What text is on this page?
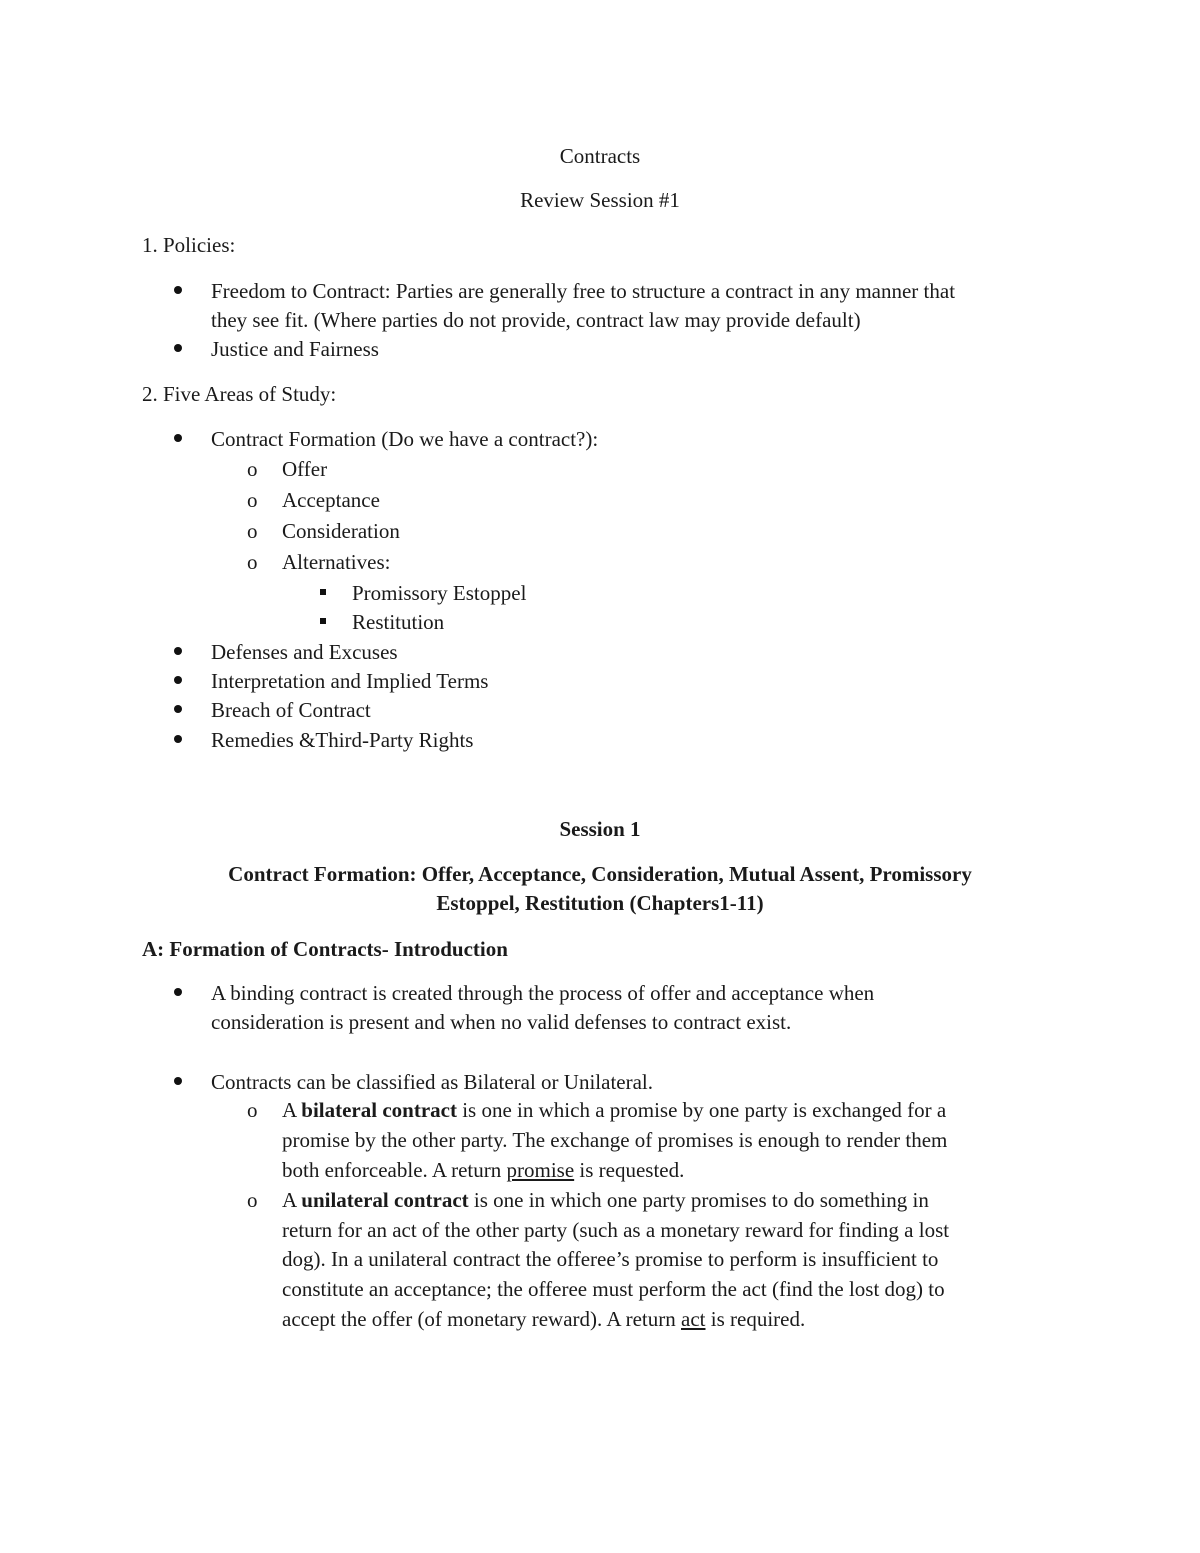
Contracts
Review Session #1
1. Policies:
Freedom to Contract: Parties are generally free to structure a contract in any manner that
they see fit. (Where parties do not provide, contract law may provide default)
Justice and Fairness
2. Five Areas of Study:
Contract Formation (Do we have a contract?):
o Offer
o Acceptance
o Consideration
o Alternatives:
Promissory Estoppel
Restitution
Defenses and Excuses
Interpretation and Implied Terms
Breach of Contract
Remedies &Third-Party Rights
Session 1
Contract Formation: Offer, Acceptance, Consideration, Mutual Assent, Promissory
Estoppel, Restitution (Chapters1-11)
A: Formation of Contracts- Introduction
A binding contract is created through the process of offer and acceptance when
consideration is present and when no valid defenses to contract exist.
Contracts can be classified as Bilateral or Unilateral.
o A bilateral contract is one in which a promise by one party is exchanged for a
promise by the other party. The exchange of promises is enough to render them
both enforceable. A return promise is requested.
o A unilateral contract is one in which one party promises to do something in
return for an act of the other party (such as a monetary reward for finding a lost
dog). In a unilateral contract the offeree’s promise to perform is insufficient to
constitute an acceptance; the offeree must perform the act (find the lost dog) to
accept the offer (of monetary reward). A return act is required.
